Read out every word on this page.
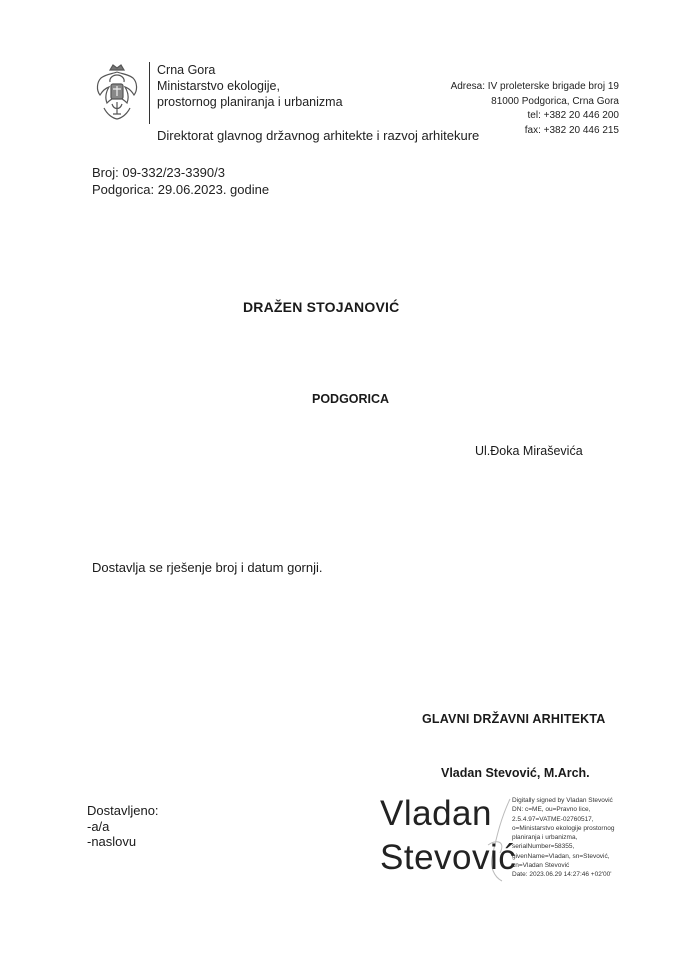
Crna Gora
Ministarstvo ekologije,
prostornog planiranja i urbanizma
Direktorat glavnog državnog arhitekte i razvoj arhitekure
Adresa: IV proleterske brigade broj 19
81000 Podgorica, Crna Gora
tel: +382 20 446 200
fax: +382 20 446 215
Broj: 09-332/23-3390/3
Podgorica: 29.06.2023. godine
DRAŽEN STOJANOVIĆ
PODGORICA
Ul.Đoka Miraševića
Dostavlja se rješenje broj i datum gornji.
GLAVNI DRŽAVNI ARHITEKTA
Vladan Stevović, M.Arch.
Dostavljeno:
-a/a
-naslovu
Vladan
Stevović
Digitally signed by Vladan Stevović
DN: c=ME, ou=Pravno lice,
2.5.4.97=VATME-02760517,
o=Ministarstvo ekologije prostornog
planiranja i urbanizma,
serialNumber=58355,
givenName=Vladan, sn=Stevović,
cn=Vladan Stevović
Date: 2023.06.29 14:27:46 +02'00'
